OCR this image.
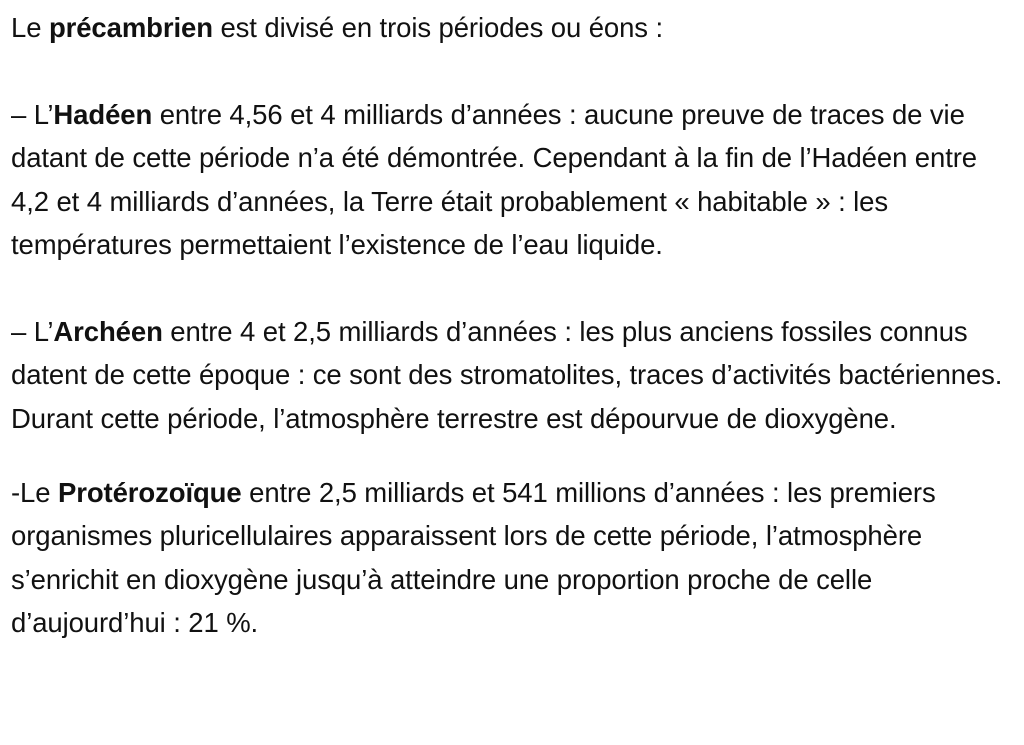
Le précambrien est divisé en trois périodes ou éons :

– L’Hadéen entre 4,56 et 4 milliards d’années : aucune preuve de traces de vie datant de cette période n’a été démontrée. Cependant à la fin de l’Hadéen entre 4,2 et 4 milliards d’années, la Terre était probablement « habitable » : les températures permettaient l’existence de l’eau liquide.

– L’Archéen entre 4 et 2,5 milliards d’années : les plus anciens fossiles connus datent de cette époque : ce sont des stromatolites, traces d’activités bactériennes. Durant cette période, l’atmosphère terrestre est dépourvue de dioxygène.

-Le Protérozoïque entre 2,5 milliards et 541 millions d’années : les premiers organismes pluricellulaires apparaissent lors de cette période, l’atmosphère s’enrichit en dioxygène jusqu’à atteindre une proportion proche de celle d’aujourd’hui : 21 %.
